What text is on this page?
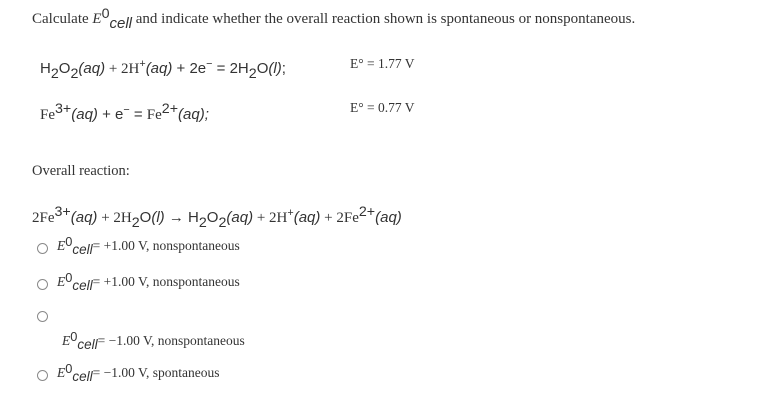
Calculate E0cell and indicate whether the overall reaction shown is spontaneous or nonspontaneous.
H2O2(aq) + 2H+(aq) + 2e− = 2H2O(l);	E° = 1.77 V
Fe3+(aq) + e− = Fe2+(aq);	E° = 0.77 V
Overall reaction:
2Fe3+(aq) + 2H2O(l) → H2O2(aq) + 2H+(aq) + 2Fe2+(aq)
E0cell= +1.00 V, nonspontaneous
E0cell= +1.00 V, nonspontaneous
E0cell= −1.00 V, nonspontaneous
E0cell= −1.00 V, spontaneous
